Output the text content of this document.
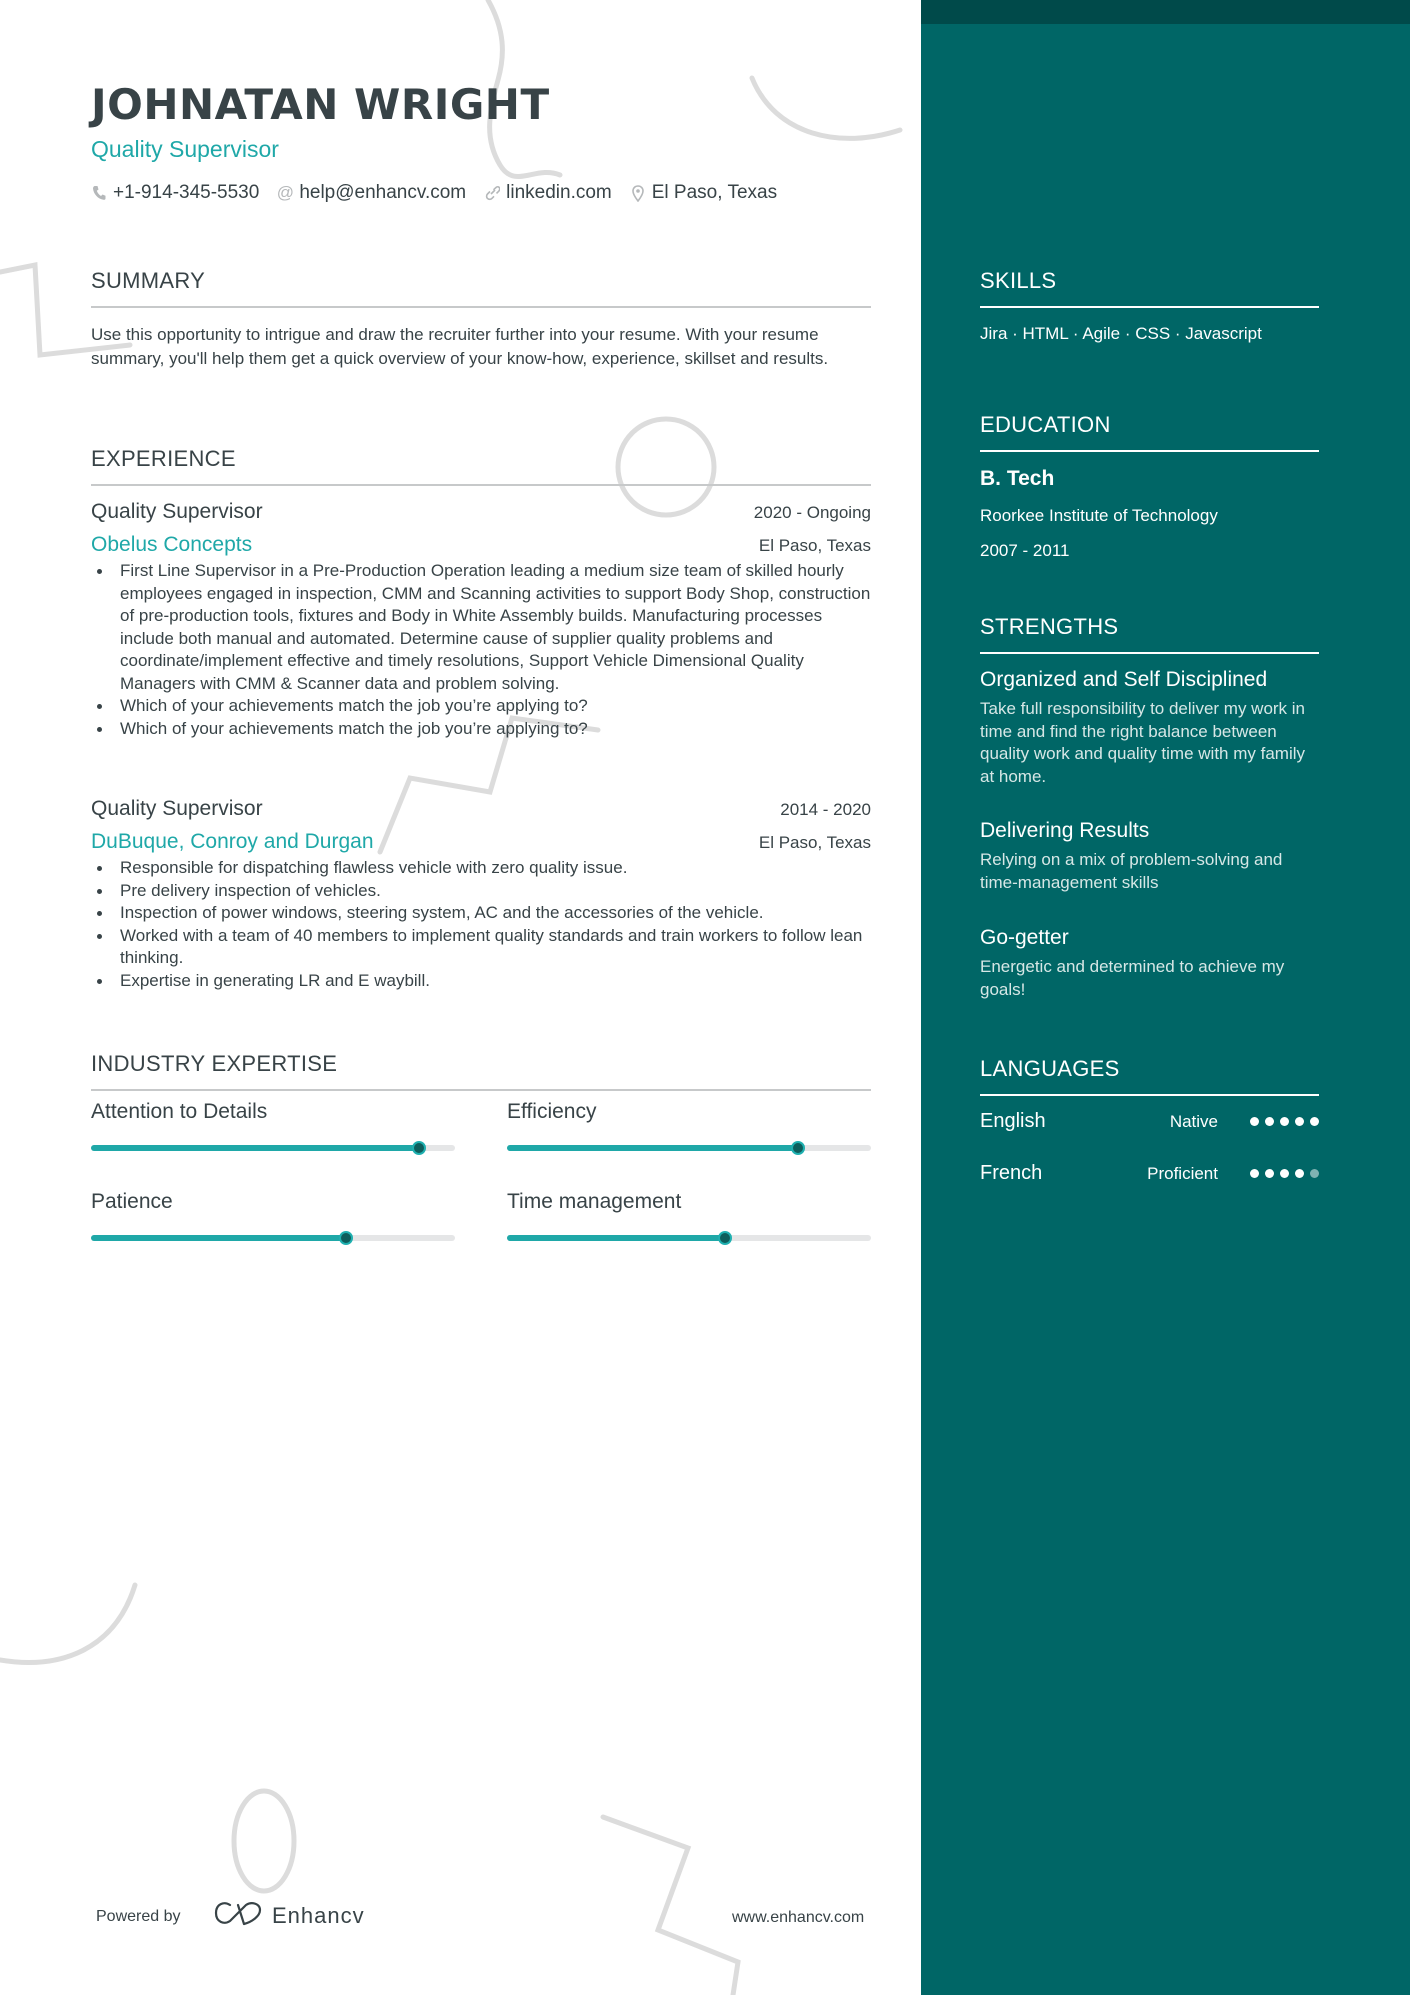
JOHNATAN WRIGHT
Quality Supervisor
+1-914-345-5530 @ help@enhancv.com linkedin.com El Paso, Texas
SUMMARY
Use this opportunity to intrigue and draw the recruiter further into your resume. With your resume summary, you'll help them get a quick overview of your know-how, experience, skillset and results.
EXPERIENCE
Quality Supervisor	2020 - Ongoing
Obelus Concepts	El Paso, Texas
First Line Supervisor in a Pre-Production Operation leading a medium size team of skilled hourly employees engaged in inspection, CMM and Scanning activities to support Body Shop, construction of pre-production tools, fixtures and Body in White Assembly builds. Manufacturing processes include both manual and automated. Determine cause of supplier quality problems and coordinate/implement effective and timely resolutions, Support Vehicle Dimensional Quality Managers with CMM & Scanner data and problem solving.
Which of your achievements match the job you’re applying to?
Which of your achievements match the job you’re applying to?
Quality Supervisor	2014 - 2020
DuBuque, Conroy and Durgan	El Paso, Texas
Responsible for dispatching flawless vehicle with zero quality issue.
Pre delivery inspection of vehicles.
Inspection of power windows, steering system, AC and the accessories of the vehicle.
Worked with a team of 40 members to implement quality standards and train workers to follow lean thinking.
Expertise in generating LR and E waybill.
INDUSTRY EXPERTISE
Attention to Details	Efficiency
Patience	Time management
Powered by	Enhancv	www.enhancv.com
SKILLS
Jira · HTML · Agile · CSS · Javascript
EDUCATION
B. Tech
Roorkee Institute of Technology
2007 - 2011
STRENGTHS
Organized and Self Disciplined
Take full responsibility to deliver my work in time and find the right balance between quality work and quality time with my family at home.
Delivering Results
Relying on a mix of problem-solving and time-management skills
Go-getter
Energetic and determined to achieve my goals!
LANGUAGES
English	Native
French	Proficient
